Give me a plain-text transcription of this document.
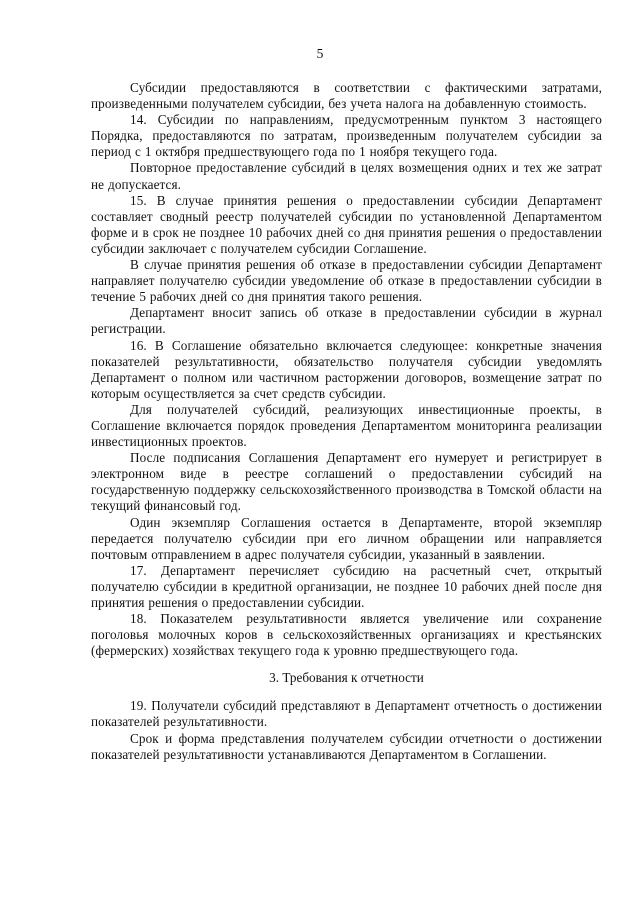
5

Субсидии предоставляются в соответствии с фактическими затратами, произведенными получателем субсидии, без учета налога на добавленную стоимость.

14. Субсидии по направлениям, предусмотренным пунктом 3 настоящего Порядка, предоставляются по затратам, произведенным получателем субсидии за период с 1 октября предшествующего года по 1 ноября текущего года.

Повторное предоставление субсидий в целях возмещения одних и тех же затрат не допускается.

15. В случае принятия решения о предоставлении субсидии Департамент составляет сводный реестр получателей субсидии по установленной Департаментом форме и в срок не позднее 10 рабочих дней со дня принятия решения о предоставлении субсидии заключает с получателем субсидии Соглашение.

В случае принятия решения об отказе в предоставлении субсидии Департамент направляет получателю субсидии уведомление об отказе в предоставлении субсидии в течение 5 рабочих дней со дня принятия такого решения.

Департамент вносит запись об отказе в предоставлении субсидии в журнал регистрации.

16. В Соглашение обязательно включается следующее: конкретные значения показателей результативности, обязательство получателя субсидии уведомлять Департамент о полном или частичном расторжении договоров, возмещение затрат по которым осуществляется за счет средств субсидии.

Для получателей субсидий, реализующих инвестиционные проекты, в Соглашение включается порядок проведения Департаментом мониторинга реализации инвестиционных проектов.

После подписания Соглашения Департамент его нумерует и регистрирует в электронном виде в реестре соглашений о предоставлении субсидий на государственную поддержку сельскохозяйственного производства в Томской области на текущий финансовый год.

Один экземпляр Соглашения остается в Департаменте, второй экземпляр передается получателю субсидии при его личном обращении или направляется почтовым отправлением в адрес получателя субсидии, указанный в заявлении.

17. Департамент перечисляет субсидию на расчетный счет, открытый получателю субсидии в кредитной организации, не позднее 10 рабочих дней после дня принятия решения о предоставлении субсидии.

18. Показателем результативности является увеличение или сохранение поголовья молочных коров в сельскохозяйственных организациях и крестьянских (фермерских) хозяйствах текущего года к уровню предшествующего года.

3. Требования к отчетности

19. Получатели субсидий представляют в Департамент отчетность о достижении показателей результативности.

Срок и форма представления получателем субсидии отчетности о достижении показателей результативности устанавливаются Департаментом в Соглашении.
